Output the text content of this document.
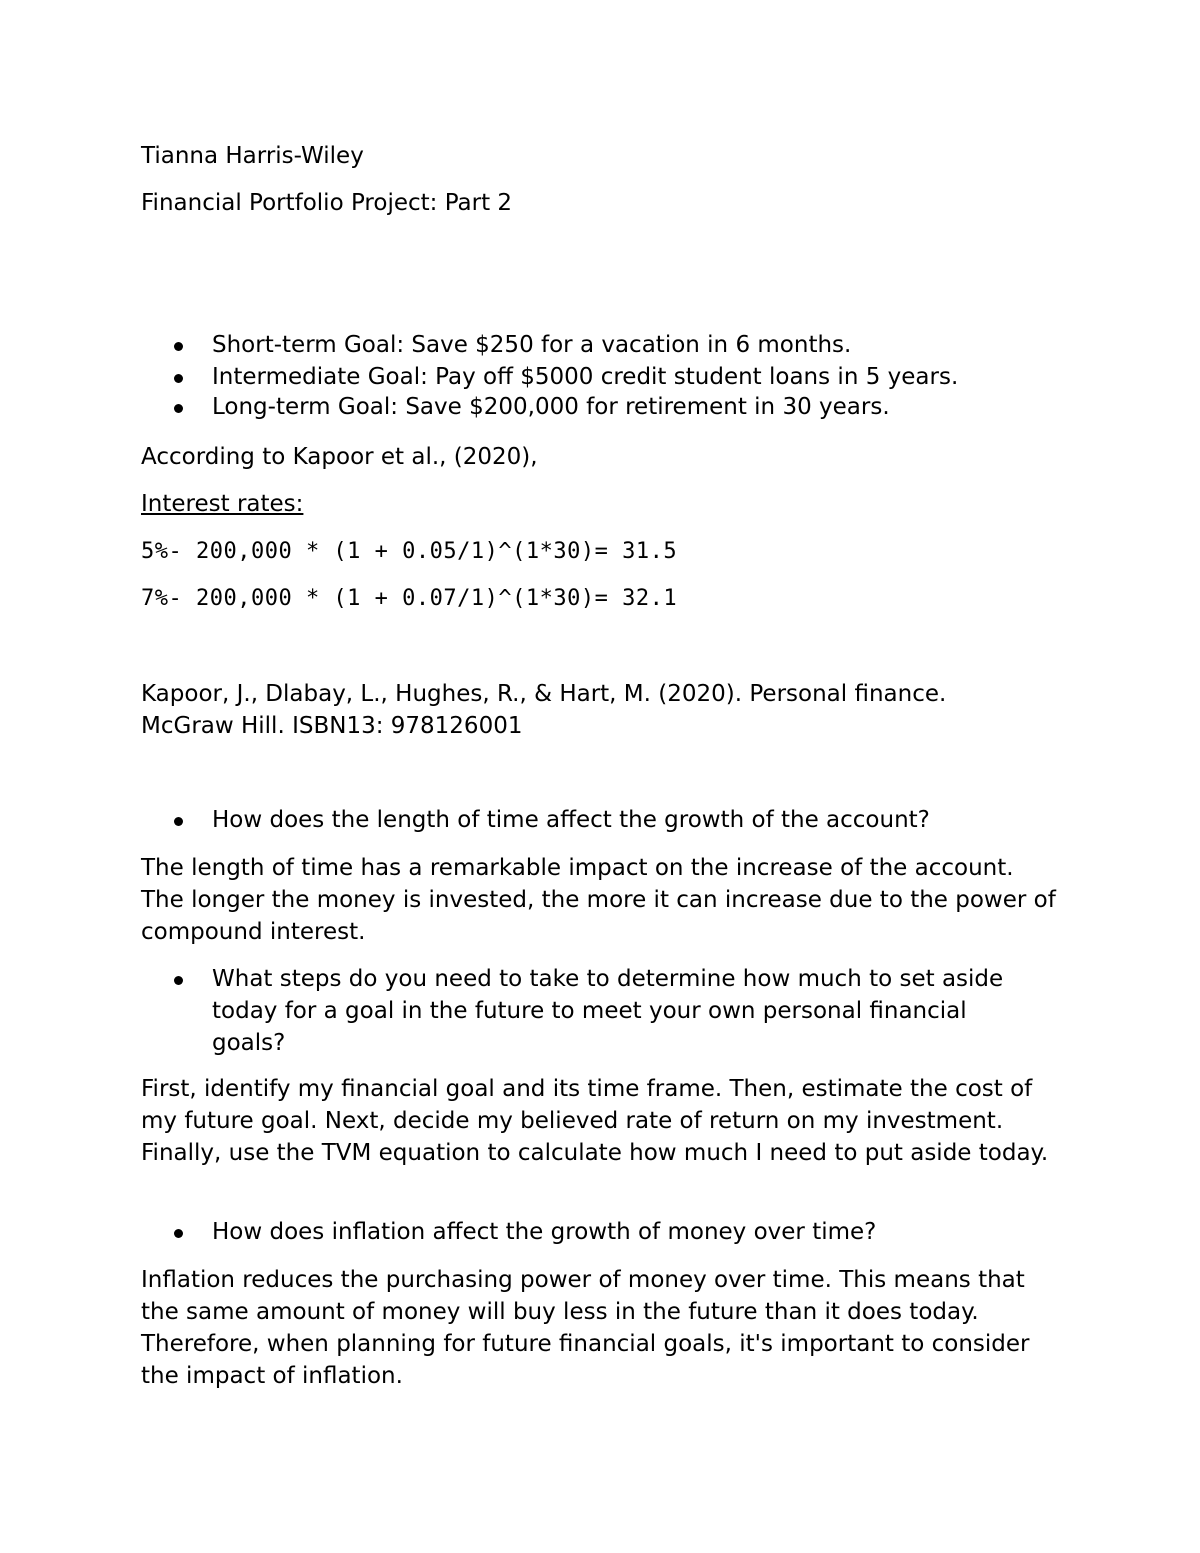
Tianna Harris-Wiley

Financial Portfolio Project: Part 2

Short-term Goal: Save $250 for a vacation in 6 months.
Intermediate Goal: Pay off $5000 credit student loans in 5 years.
Long-term Goal: Save $200,000 for retirement in 30 years.

According to Kapoor et al., (2020),

Interest rates:

5%- 200,000 * (1 + 0.05/1)^(1*30)= 31.5

7%- 200,000 * (1 + 0.07/1)^(1*30)= 32.1

Kapoor, J., Dlabay, L., Hughes, R., & Hart, M. (2020). Personal finance.

McGraw Hill. ISBN13: 978126001

How does the length of time affect the growth of the account?

The length of time has a remarkable impact on the increase of the account. The longer the money is invested, the more it can increase due to the power of compound interest.

What steps do you need to take to determine how much to set aside today for a goal in the future to meet your own personal financial goals?

First, identify my financial goal and its time frame. Then, estimate the cost of my future goal. Next, decide my believed rate of return on my investment. Finally, use the TVM equation to calculate how much I need to put aside today.

How does inflation affect the growth of money over time?

Inflation reduces the purchasing power of money over time. This means that the same amount of money will buy less in the future than it does today. Therefore, when planning for future financial goals, it's important to consider the impact of inflation.
